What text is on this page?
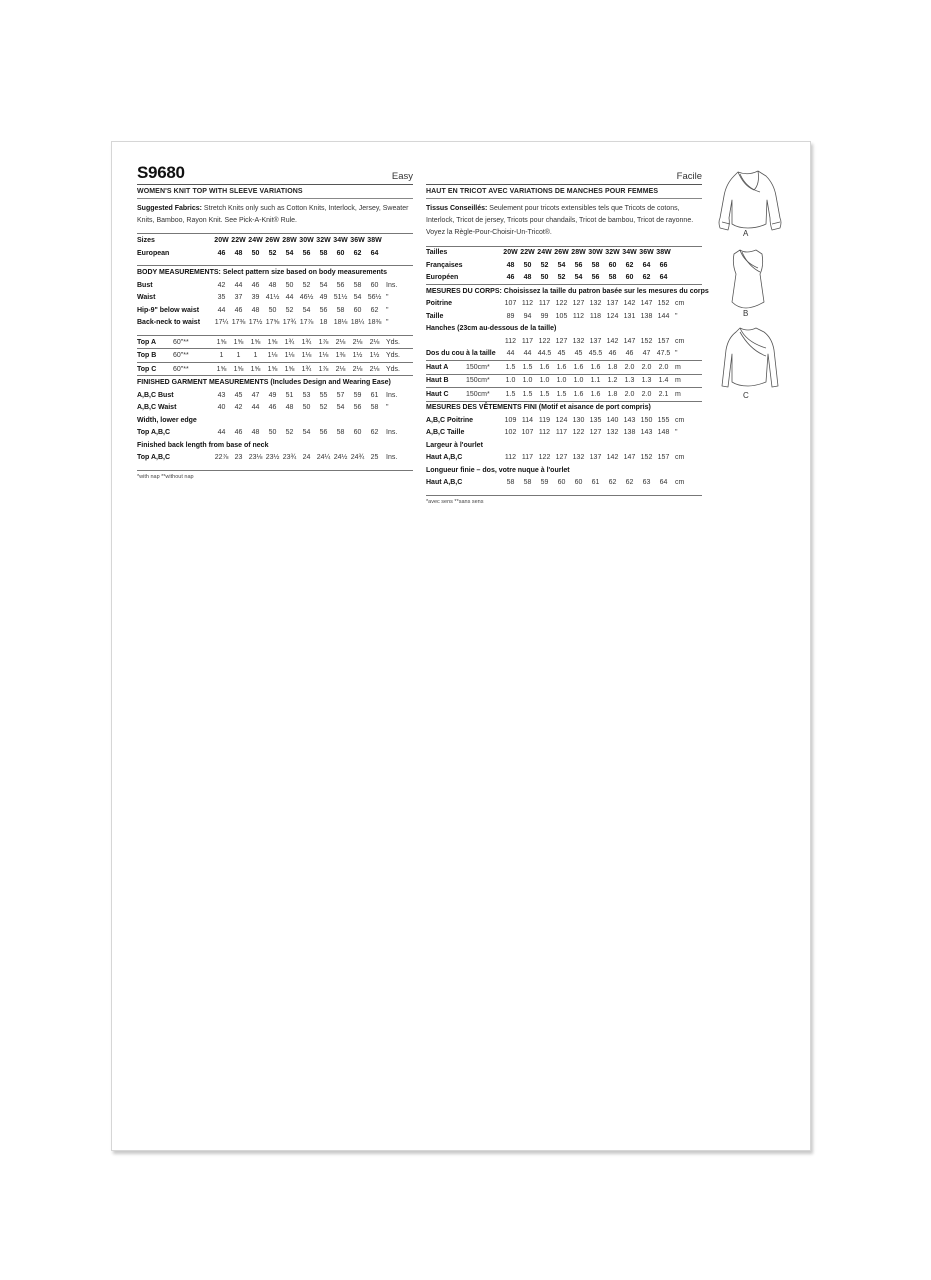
S9680	Easy
WOMEN'S KNIT TOP WITH SLEEVE VARIATIONS
Suggested Fabrics: Stretch Knits only such as Cotton Knits, Interlock, Jersey, Sweater Knits, Bamboo, Rayon Knit. See Pick-A-Knit® Rule.
Sizes		20W	22W	24W	26W	28W	30W	32W	34W	36W	38W	
European		46	48	50	52	54	56	58	60	62	64	

BODY MEASUREMENTS: Select pattern size based on body measurements												
Bust		42	44	46	48	50	52	54	56	58	60	Ins.
Waist		35	37	39	41½	44	46½	49	51½	54	56½	"
Hip-9" below waist		44	46	48	50	52	54	56	58	60	62	"
Back-neck to waist		17¼	17⅜	17½	17⅝	17¾	17⅞	18	18⅛	18¼	18⅜	"

Top A	60"**	1⅝	1⅝	1⅝	1⅝	1¾	1¾	1⅞	2⅛	2⅛	2⅛	Yds.
Top B	60"**	1	1	1	1⅛	1⅛	1⅛	1⅛	1⅜	1½	1½	Yds.
Top C	60"**	1⅝	1⅝	1⅝	1⅝	1⅝	1¾	1⅞	2⅛	2⅛	2⅛	Yds.
FINISHED GARMENT MEASUREMENTS (Includes Design and Wearing Ease)												
A,B,C Bust		43	45	47	49	51	53	55	57	59	61	Ins.
A,B,C Waist		40	42	44	46	48	50	52	54	56	58	"
Width, lower edge												
Top A,B,C		44	46	48	50	52	54	56	58	60	62	Ins.
Finished back length from base of neck												
Top A,B,C		22⅞	23	23⅛	23½	23¾	24	24¼	24½	24¾	25	Ins.
*with nap **without nap
Facile
HAUT EN TRICOT AVEC VARIATIONS DE MANCHES POUR FEMMES
Tissus Conseillés: Seulement pour tricots extensibles tels que Tricots de cotons, Interlock, Tricot de jersey, Tricots pour chandails, Tricot de bambou, Tricot de rayonne. Voyez la Règle-Pour-Choisir-Un-Tricot®.
Tailles		20W	22W	24W	26W	28W	30W	32W	34W	36W	38W	
Françaises		48	50	52	54	56	58	60	62	64	66	
Européen		46	48	50	52	54	56	58	60	62	64	
MESURES DU CORPS: Choisissez la taille du patron basée sur les mesures du corps												
Poitrine		107	112	117	122	127	132	137	142	147	152	cm
Taille		89	94	99	105	112	118	124	131	138	144	"
Hanches (23cm au-dessous de la taille)												
		112	117	122	127	132	137	142	147	152	157	cm
Dos du cou à la taille		44	44	44.5	45	45	45.5	46	46	47	47.5	"
Haut A	150cm*	1.5	1.5	1.6	1.6	1.6	1.6	1.8	2.0	2.0	2.0	m
Haut B	150cm*	1.0	1.0	1.0	1.0	1.0	1.1	1.2	1.3	1.3	1.4	m
Haut C	150cm*	1.5	1.5	1.5	1.5	1.6	1.6	1.8	2.0	2.0	2.1	m
MESURES DES VÊTEMENTS FINI (Motif et aisance de port compris)												
A,B,C Poitrine		109	114	119	124	130	135	140	143	150	155	cm
A,B,C Taille		102	107	112	117	122	127	132	138	143	148	"
Largeur à l'ourlet												
Haut A,B,C		112	117	122	127	132	137	142	147	152	157	cm
Longueur finie – dos, votre nuque à l'ourlet												
Haut A,B,C		58	58	59	60	60	61	62	62	63	64	cm
*avec sens **sans sens
A
B
C
